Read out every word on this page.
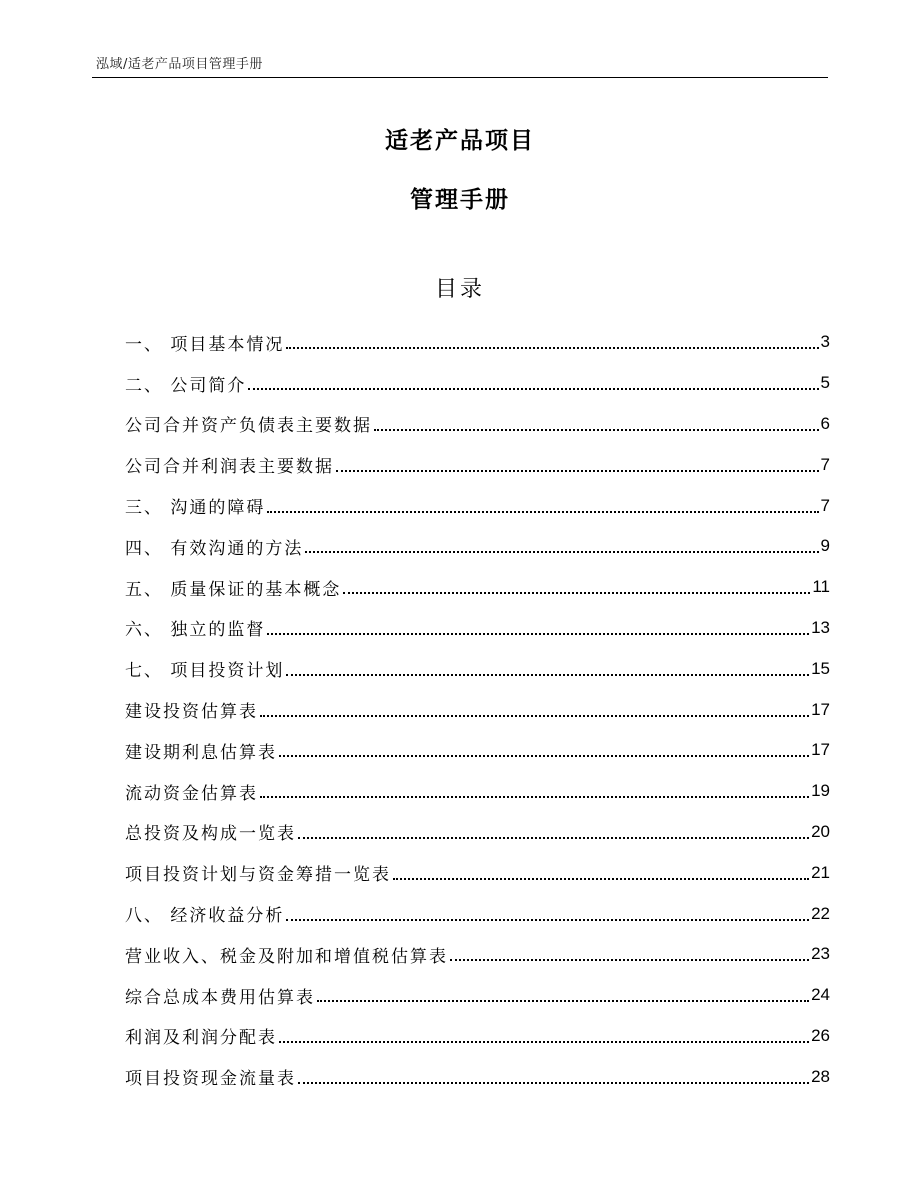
泓域/适老产品项目管理手册
适老产品项目
管理手册
目录
一、 项目基本情况	3
二、 公司简介	5
公司合并资产负债表主要数据	6
公司合并利润表主要数据	7
三、 沟通的障碍	7
四、 有效沟通的方法	9
五、 质量保证的基本概念	11
六、 独立的监督	13
七、 项目投资计划	15
建设投资估算表	17
建设期利息估算表	17
流动资金估算表	19
总投资及构成一览表	20
项目投资计划与资金筹措一览表	21
八、 经济收益分析	22
营业收入、税金及附加和增值税估算表	23
综合总成本费用估算表	24
利润及利润分配表	26
项目投资现金流量表	28
